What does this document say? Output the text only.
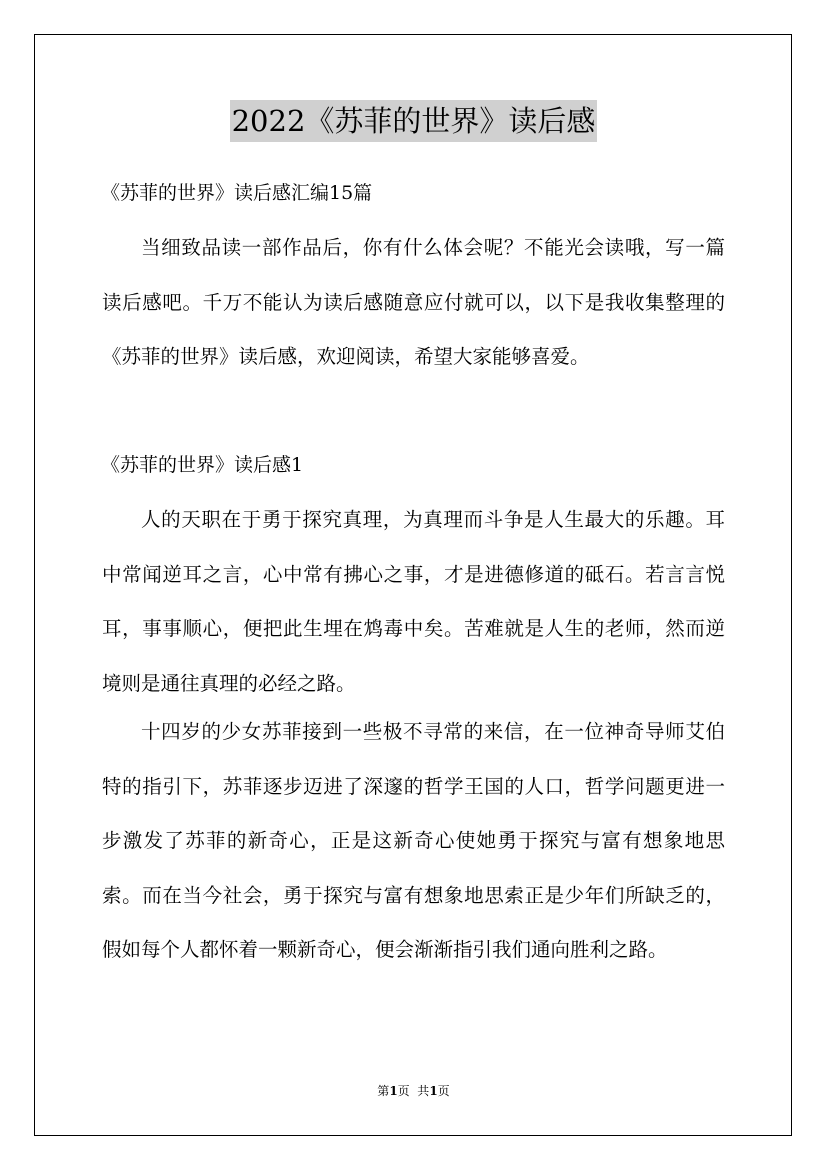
2022《苏菲的世界》读后感
《苏菲的世界》读后感汇编15篇

当细致品读一部作品后，你有什么体会呢？不能光会读哦，写一篇读后感吧。千万不能认为读后感随意应付就可以，以下是我收集整理的《苏菲的世界》读后感，欢迎阅读，希望大家能够喜爱。

《苏菲的世界》读后感1

人的天职在于勇于探究真理，为真理而斗争是人生最大的乐趣。耳中常闻逆耳之言，心中常有拂心之事，才是进德修道的砥石。若言言悦耳，事事顺心，便把此生埋在鸩毒中矣。苦难就是人生的老师，然而逆境则是通往真理的必经之路。

十四岁的少女苏菲接到一些极不寻常的来信，在一位神奇导师艾伯特的指引下，苏菲逐步迈进了深邃的哲学王国的人口，哲学问题更进一步激发了苏菲的新奇心，正是这新奇心使她勇于探究与富有想象地思索。而在当今社会，勇于探究与富有想象地思索正是少年们所缺乏的，假如每个人都怀着一颗新奇心，便会渐渐指引我们通向胜利之路。

第1页  共1页
